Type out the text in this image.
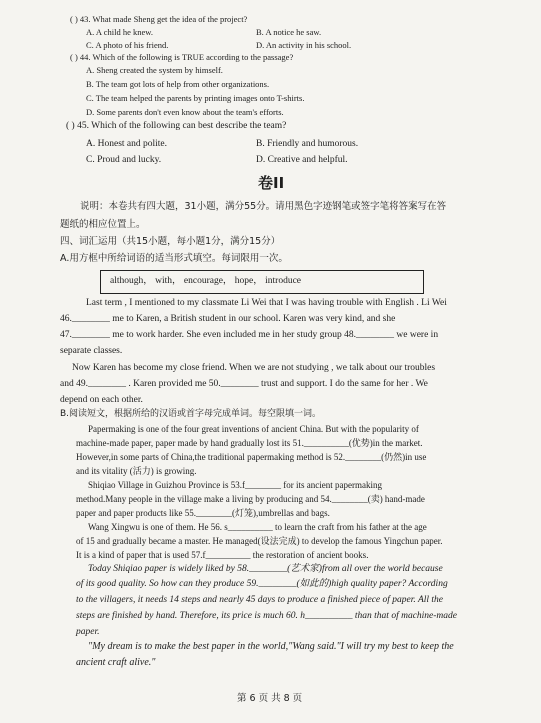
( ) 43. What made Sheng get the idea of the project?
A. A child he knew.	B. A notice he saw.
C. A photo of his friend.	D. An activity in his school.
( ) 44. Which of the following is TRUE according to the passage?
A. Sheng created the system by himself.
B. The team got lots of help from other organizations.
C. The team helped the parents by printing images onto T-shirts.
D. Some parents don't even know about the team's efforts.
( ) 45. Which of the following can best describe the team?
A. Honest and polite.	B. Friendly and humorous.
C. Proud and lucky.	D. Creative and helpful.
卷II
说明：本卷共有四大题，31小题，满分55分。请用黑色字迹钢笔或签字笔将答案写在答
题纸的相应位置上。
四、词汇运用（共15小题，每小题1分，满分15分）
A.用方框中所给词语的适当形式填空。每词限用一次。
although， with， encourage， hope， introduce
Last term , I mentioned to my classmate Li Wei that I was having trouble with English . Li Wei
46.________ me to Karen, a British student in our school. Karen was very kind, and she
47.________ me to work harder. She even included me in her study group 48.________ we were in
separate classes.
Now Karen has become my close friend. When we are not studying , we talk about our troubles
and 49.________ . Karen provided me 50.________ trust and support. I do the same for her . We
depend on each other.
B.阅读短文，根据所给的汉语或首字母完成单词。每空限填一词。
Papermaking is one of the four great inventions of ancient China. But with the popularity of
machine-made paper, paper made by hand gradually lost its 51.__________(优势)in the market.
However,in some parts of China,the traditional papermaking method is 52.________(仍然)in use
and its vitality (活力) is growing.
Shiqiao Village in Guizhou Province is 53.f________ for its ancient papermaking
method.Many people in the village make a living by producing and 54.________(卖) hand-made
paper and paper products like 55.________(灯笼),umbrellas and bags.
Wang Xingwu is one of them. He 56. s__________ to learn the craft from his father at the age
of 15 and gradually became a master. He managed(设法完成) to develop the famous Yingchun paper.
It is a kind of paper that is used 57.f__________ the restoration of ancient books.
Today Shiqiao paper is widely liked by 58.________(艺术家)from all over the world because
of its good quality. So how can they produce 59.________(如此的)high quality paper? According
to the villagers, it needs 14 steps and nearly 45 days to produce a finished piece of paper. All the
steps are finished by hand. Therefore, its price is much 60. h__________ than that of machine-made
paper.
"My dream is to make the best paper in the world,"Wang said."I will try my best to keep the
ancient craft alive."
第 6 页 共 8 页
